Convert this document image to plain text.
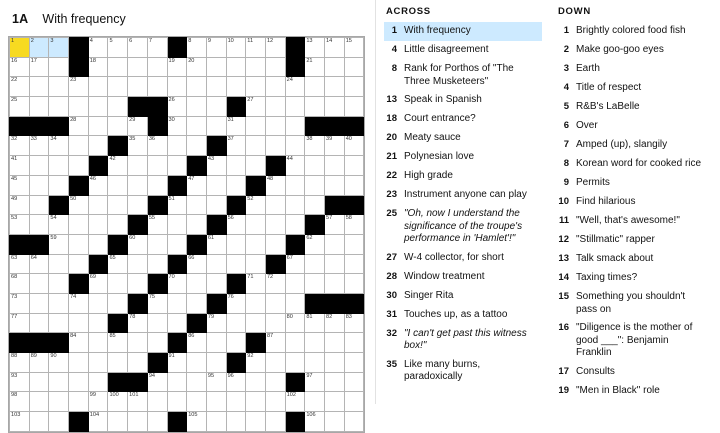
1A With frequency
1	2	3		4	5	6	7		8	9	10	11	12		13	14	15

16	17			18				19	20						21		

22			23											24			

25								26				27					

			28			29		30			31						

32	33	34				35	36				37				38	39	40

41					42					43				44			

45				46					47				48				

49			50					51				52					

53		54					55				56					57	58

		59				60				61					62		

63	64				65				66					67			

68				69				70				71	72				

73			74				75				76						

77						78				79				80	81	82	83

			84		85				86				87				

88	89	90						91				92					

93							94			95	96				97		

98				99	100	101								102			

103				104					105						106		

ACROSS
1 With frequency
4 Little disagreement
8 Rank for Porthos of "The Three Musketeers"
13 Speak in Spanish
18 Court entrance?
20 Meaty sauce
21 Polynesian love
22 High grade
23 Instrument anyone can play
25 "Oh, now I understand the significance of the troupe's performance in 'Hamlet'!"
27 W-4 collector, for short
28 Window treatment
30 Singer Rita
31 Touches up, as a tattoo
32 "I can't get past this witness box!"
35 Like many burns, paradoxically
DOWN
1 Brightly colored food fish
2 Make goo-goo eyes
3 Earth
4 Title of respect
5 R&B's LaBelle
6 Over
7 Amped (up), slangily
8 Korean word for cooked rice
9 Permits
10 Find hilarious
11 "Well, that's awesome!"
12 "Stillmatic" rapper
13 Talk smack about
14 Taxing times?
15 Something you shouldn't pass on
16 "Diligence is the mother of good ___": Benjamin Franklin
17 Consults
19 "Men in Black" role
